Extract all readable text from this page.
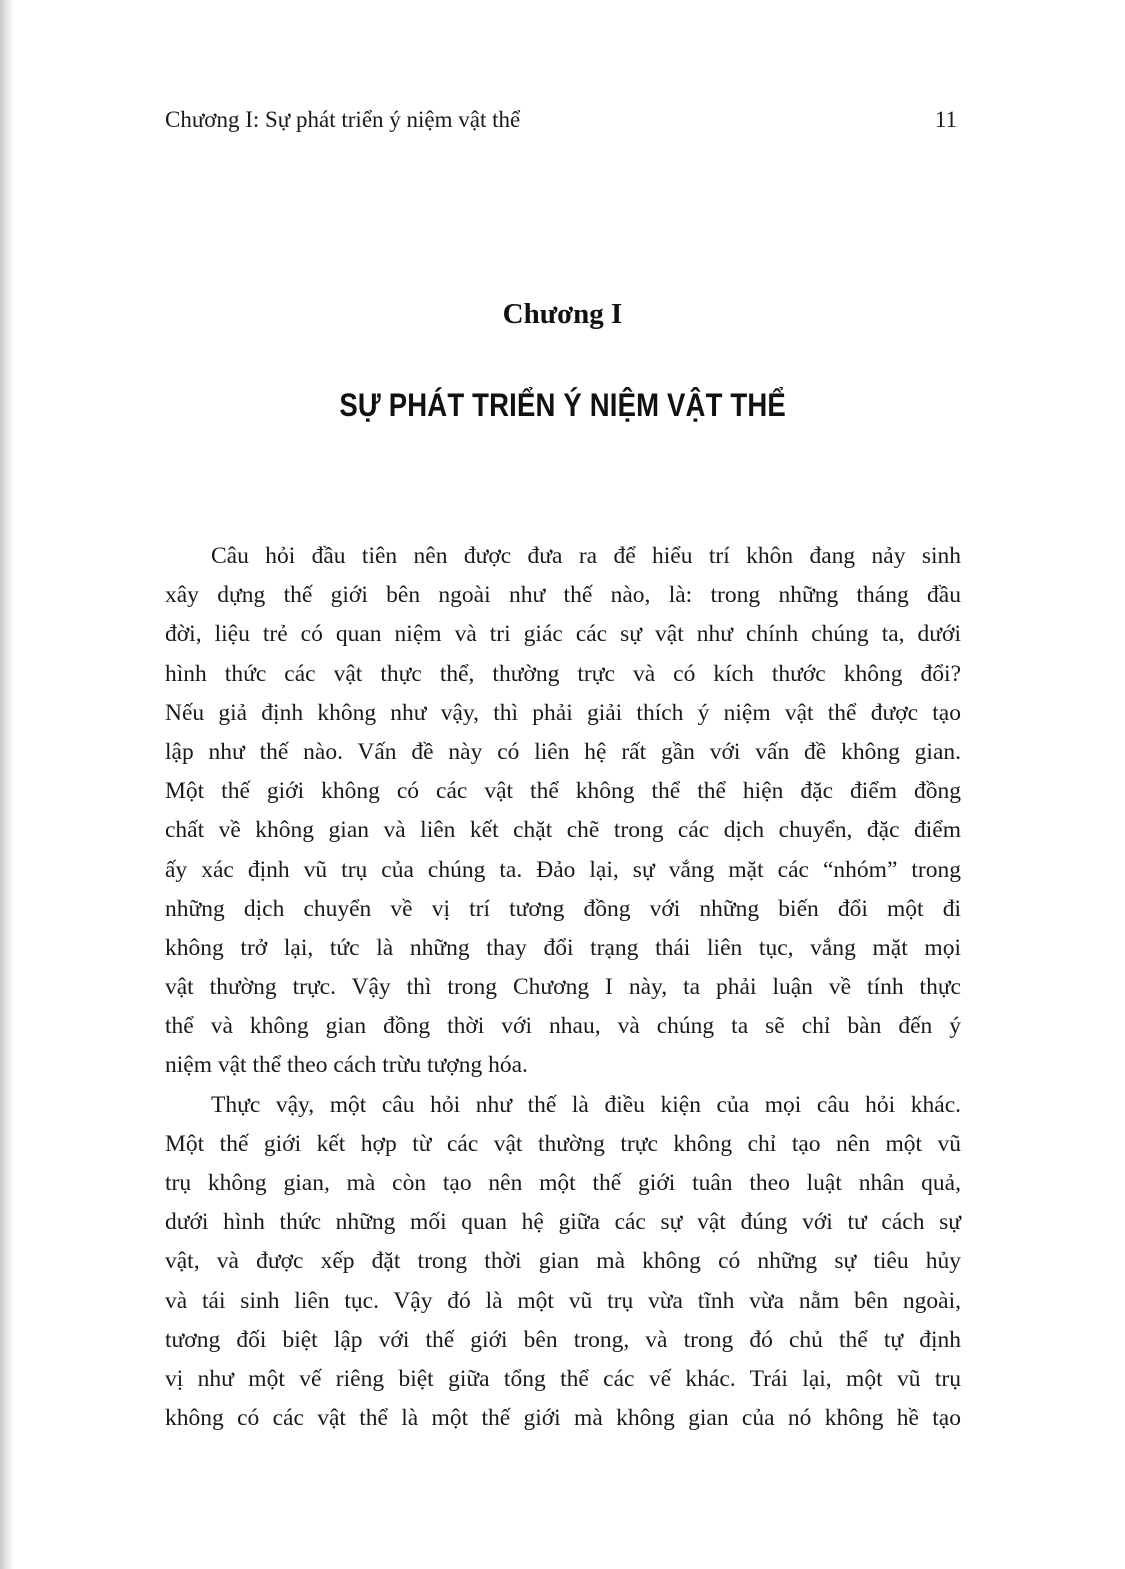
Chương I: Sự phát triển ý niệm vật thể	11
Chương I
SỰ PHÁT TRIỂN Ý NIỆM VẬT THỂ

Câu hỏi đầu tiên nên được đưa ra để hiểu trí khôn đang nảy sinh
xây dựng thế giới bên ngoài như thế nào, là: trong những tháng đầu
đời, liệu trẻ có quan niệm và tri giác các sự vật như chính chúng ta, dưới
hình thức các vật thực thể, thường trực và có kích thước không đổi?
Nếu giả định không như vậy, thì phải giải thích ý niệm vật thể được tạo
lập như thế nào. Vấn đề này có liên hệ rất gần với vấn đề không gian.
Một thế giới không có các vật thể không thể thể hiện đặc điểm đồng
chất về không gian và liên kết chặt chẽ trong các dịch chuyển, đặc điểm
ấy xác định vũ trụ của chúng ta. Đảo lại, sự vắng mặt các “nhóm” trong
những dịch chuyển về vị trí tương đồng với những biến đổi một đi
không trở lại, tức là những thay đổi trạng thái liên tục, vắng mặt mọi
vật thường trực. Vậy thì trong Chương I này, ta phải luận về tính thực
thể và không gian đồng thời với nhau, và chúng ta sẽ chỉ bàn đến ý
niệm vật thể theo cách trừu tượng hóa.

Thực vậy, một câu hỏi như thế là điều kiện của mọi câu hỏi khác.
Một thế giới kết hợp từ các vật thường trực không chỉ tạo nên một vũ
trụ không gian, mà còn tạo nên một thế giới tuân theo luật nhân quả,
dưới hình thức những mối quan hệ giữa các sự vật đúng với tư cách sự
vật, và được xếp đặt trong thời gian mà không có những sự tiêu hủy
và tái sinh liên tục. Vậy đó là một vũ trụ vừa tĩnh vừa nằm bên ngoài,
tương đối biệt lập với thế giới bên trong, và trong đó chủ thể tự định
vị như một vế riêng biệt giữa tổng thể các vế khác. Trái lại, một vũ trụ
không có các vật thể là một thế giới mà không gian của nó không hề tạo
